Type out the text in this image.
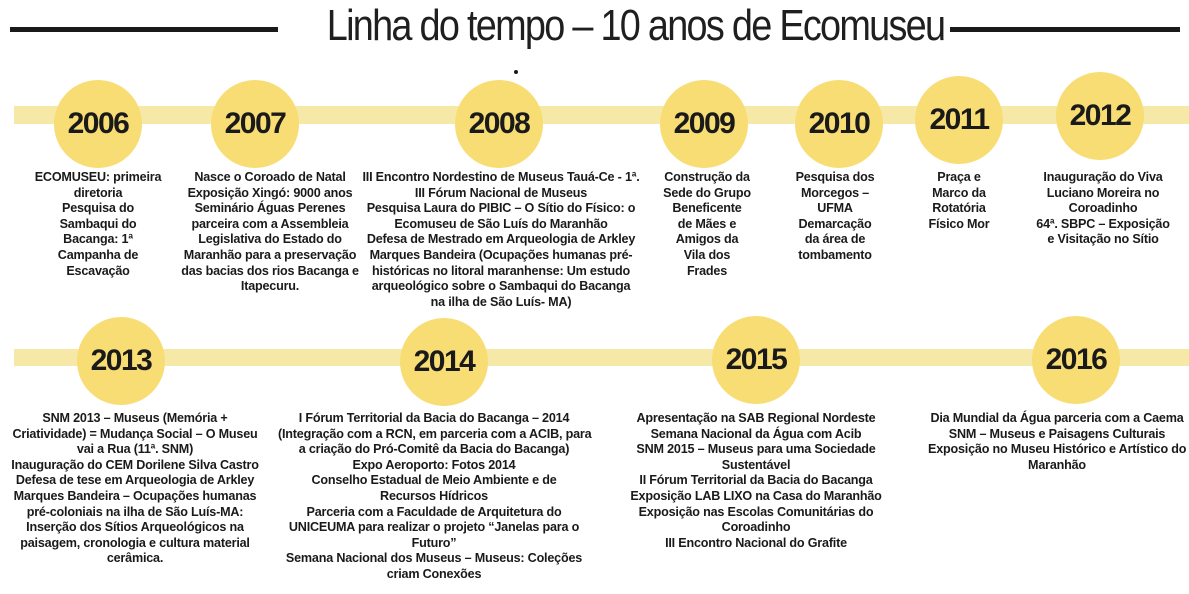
Linha do tempo – 10 anos de Ecomuseu
2006
ECOMUSEU: primeira
diretoria
Pesquisa do
Sambaqui do
Bacanga: 1ª
Campanha de
Escavação
2007
Nasce o Coroado de Natal
Exposição Xingó: 9000 anos
Seminário Águas Perenes
parceira com a Assembleia
Legislativa do Estado do
Maranhão para a preservação
das bacias dos rios Bacanga e
Itapecuru.
2008
III Encontro Nordestino de Museus Tauá-Ce - 1ª.
III Fórum Nacional de Museus
Pesquisa Laura do PIBIC – O Sítio do Físico: o
Ecomuseu de São Luís do Maranhão
Defesa de Mestrado em Arqueologia de Arkley
Marques Bandeira (Ocupações humanas pré-
históricas no litoral maranhense: Um estudo
arqueológico sobre o Sambaqui do Bacanga
na ilha de São Luís- MA)
2009
Construção da
Sede do Grupo
Beneficente
de Mães e
Amigos da
Vila dos
Frades
2010
Pesquisa dos
Morcegos –
UFMA
Demarcação
da área de
tombamento
2011
Praça e
Marco da
Rotatória
Físico Mor
2012
Inauguração do Viva
Luciano Moreira no
Coroadinho
64ª. SBPC – Exposição
e Visitação no Sítio
2013
SNM 2013 – Museus (Memória +
Criatividade) = Mudança Social – O Museu
vai a Rua (11ª. SNM)
Inauguração do CEM Dorilene Silva Castro
Defesa de tese em Arqueologia de Arkley
Marques Bandeira – Ocupações humanas
pré-coloniais na ilha de São Luís-MA:
Inserção dos Sítios Arqueológicos na
paisagem, cronologia e cultura material
cerâmica.
2014
I Fórum Territorial da Bacia do Bacanga – 2014
(Integração com a RCN, em parceria com a ACIB, para
a criação do Pró-Comitê da Bacia do Bacanga)
Expo Aeroporto: Fotos 2014
Conselho Estadual de Meio Ambiente e de
Recursos Hídricos
Parceria com a Faculdade de Arquitetura do
UNICEUMA para realizar o projeto “Janelas para o
Futuro”
Semana Nacional dos Museus – Museus: Coleções
criam Conexões
2015
Apresentação na SAB Regional Nordeste
Semana Nacional da Água com Acib
SNM 2015 – Museus para uma Sociedade
Sustentável
II Fórum Territorial da Bacia do Bacanga
Exposição LAB LIXO na Casa do Maranhão
Exposição nas Escolas Comunitárias do
Coroadinho
III Encontro Nacional do Grafite
2016
Dia Mundial da Água parceria com a Caema
SNM – Museus e Paisagens Culturais
Exposição no Museu Histórico e Artístico do
Maranhão
